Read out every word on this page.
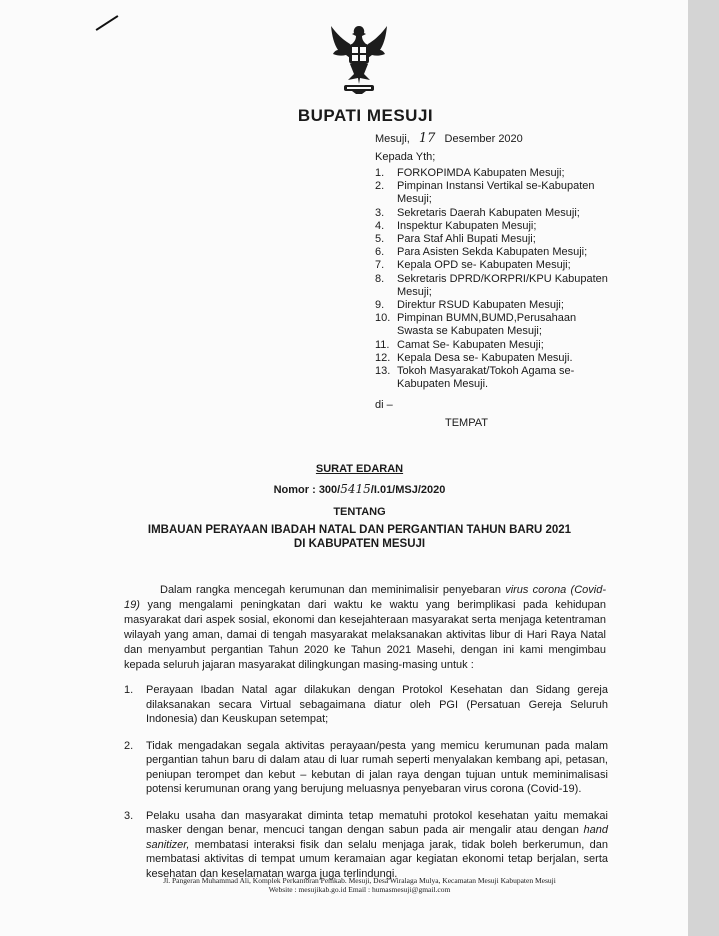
BUPATI MESUJI
Mesuji, 17 Desember 2020
Kepada Yth;
1.	FORKOPIMDA Kabupaten Mesuji;
2.	Pimpinan Instansi Vertikal se-Kabupaten Mesuji;
3.	Sekretaris Daerah Kabupaten Mesuji;
4.	Inspektur Kabupaten Mesuji;
5.	Para Staf Ahli Bupati Mesuji;
6.	Para Asisten Sekda Kabupaten Mesuji;
7.	Kepala OPD se- Kabupaten Mesuji;
8.	Sekretaris DPRD/KORPRI/KPU Kabupaten Mesuji;
9.	Direktur RSUD Kabupaten Mesuji;
10. Pimpinan BUMN,BUMD,Perusahaan Swasta se Kabupaten Mesuji;
11. Camat Se- Kabupaten Mesuji;
12. Kepala Desa se- Kabupaten Mesuji.
13. Tokoh Masyarakat/Tokoh Agama se-Kabupaten Mesuji.
di –
TEMPAT
SURAT EDARAN
Nomor : 300/5415/I.01/MSJ/2020
TENTANG
IMBAUAN PERAYAAN IBADAH NATAL DAN PERGANTIAN TAHUN BARU 2021
DI KABUPATEN MESUJI

Dalam rangka mencegah kerumunan dan meminimalisir penyebaran virus corona (Covid-19) yang mengalami peningkatan dari waktu ke waktu yang berimplikasi pada kehidupan masyarakat dari aspek sosial, ekonomi dan kesejahteraan masyarakat serta menjaga ketentraman wilayah yang aman, damai di tengah masyarakat melaksanakan aktivitas libur di Hari Raya Natal dan menyambut pergantian Tahun 2020 ke Tahun 2021 Masehi, dengan ini kami mengimbau kepada seluruh jajaran masyarakat dilingkungan masing-masing untuk :

1.	Perayaan Ibadan Natal agar dilakukan dengan Protokol Kesehatan dan Sidang gereja dilaksanakan secara Virtual sebagaimana diatur oleh PGI (Persatuan Gereja Seluruh Indonesia) dan Keuskupan setempat;
2.	Tidak mengadakan segala aktivitas perayaan/pesta yang memicu kerumunan pada malam pergantian tahun baru di dalam atau di luar rumah seperti menyalakan kembang api, petasan, peniupan terompet dan kebut – kebutan di jalan raya dengan tujuan untuk meminimalisasi potensi kerumunan orang yang berujung meluasnya penyebaran virus corona (Covid-19).
3.	Pelaku usaha dan masyarakat diminta tetap mematuhi protokol kesehatan yaitu memakai masker dengan benar, mencuci tangan dengan sabun pada air mengalir atau dengan hand sanitizer, membatasi interaksi fisik dan selalu menjaga jarak, tidak boleh berkerumun, dan membatasi aktivitas di tempat umum keramaian agar kegiatan ekonomi tetap berjalan, serta kesehatan dan keselamatan warga juga terlindungi.
Jl. Pangeran Muhammad Ali, Komplek Perkantoran Pemkab. Mesuji, Desa Wiralaga Mulya, Kecamatan Mesuji Kabupaten Mesuji
Website : mesujikab.go.id Email : humasmesuji@gmail.com
